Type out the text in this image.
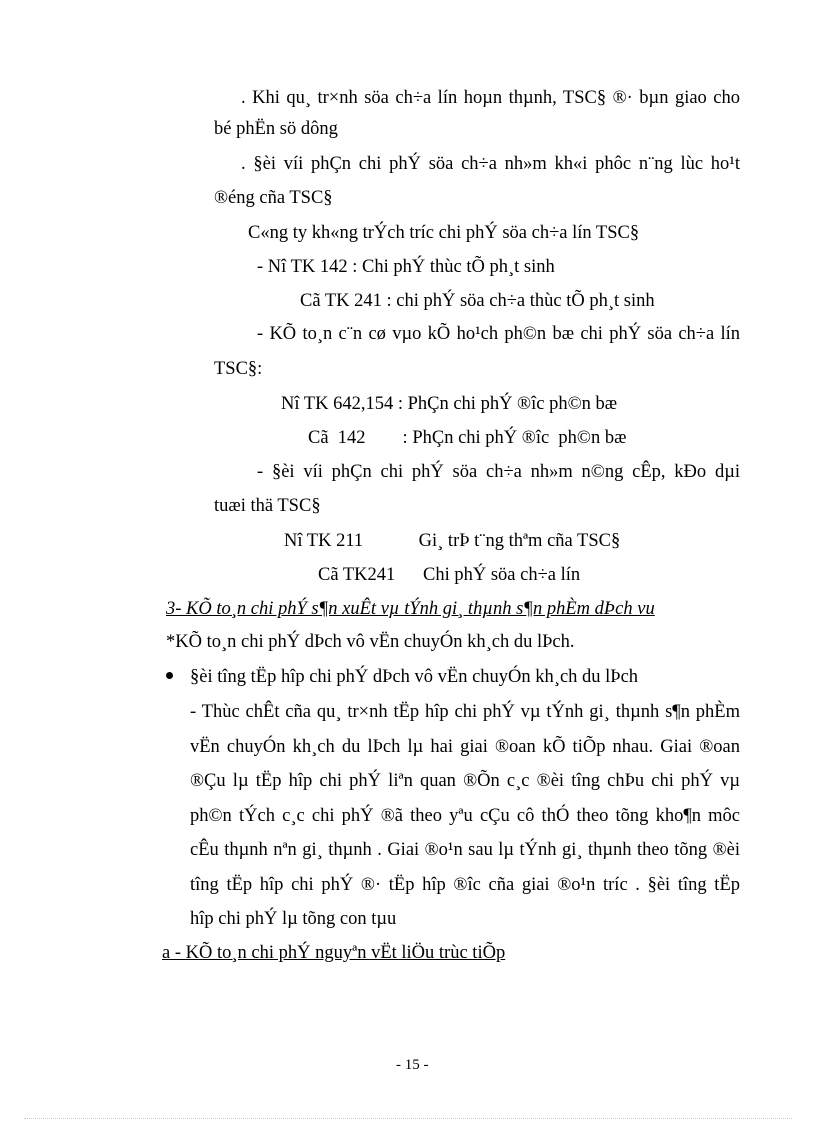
. Khi qu¸ tr×nh söa ch÷a lín hoµn thµnh, TSC§ ®· bµn giao cho
bé phËn sö dông
. §èi víi phÇn chi phÝ söa ch÷a nh»m kh«i phôc n¨ng lùc ho¹t
®éng cña TSC§
C«ng ty kh«ng trÝch tríc chi phÝ söa ch÷a lín TSC§
- Nî TK 142 : Chi phÝ thùc tÕ ph¸t sinh
Cã TK 241 : chi phÝ söa ch÷a thùc tÕ ph¸t sinh
- KÕ to¸n c¨n cø vµo kÕ ho¹ch ph©n bæ chi phÝ söa ch÷a lín
TSC§:
Nî TK 642,154 : PhÇn chi phÝ ®îc ph©n bæ
Cã  142        : PhÇn chi phÝ ®îc  ph©n bæ
- §èi víi phÇn chi phÝ söa ch÷a nh»m n©ng cÊp, kÐo dµi
tuæi thä TSC§
Nî TK 211            Gi¸ trÞ t¨ng thªm cña TSC§
Cã TK241      Chi phÝ söa ch÷a lín
3- KÕ to¸n chi phÝ s¶n xuÊt vµ tÝnh gi¸ thµnh s¶n phÈm dÞch vu
*KÕ to¸n chi phÝ dÞch vô vËn chuyÓn kh¸ch du lÞch.
§èi tîng tËp hîp chi phÝ dÞch vô vËn chuyÓn kh¸ch du lÞch
- Thùc chÊt cña qu¸ tr×nh tËp hîp chi phÝ vµ tÝnh gi¸ thµnh s¶n phÈm
vËn chuyÓn kh¸ch du lÞch lµ hai giai ®oan kÕ tiÕp nhau. Giai ®oan
®Çu lµ tËp hîp chi phÝ liªn quan ®Õn c¸c ®èi tîng chÞu chi phÝ vµ
ph©n tÝch c¸c chi phÝ ®ã theo yªu cÇu cô thÓ theo tõng kho¶n môc
cÊu thµnh nªn gi¸ thµnh . Giai ®o¹n sau lµ tÝnh gi¸ thµnh theo tõng ®èi
tîng tËp hîp chi phÝ ®· tËp hîp ®îc cña giai ®o¹n tríc . §èi tîng tËp
hîp chi phÝ lµ tõng con tµu
a - KÕ to¸n chi phÝ nguyªn vËt liÖu trùc tiÕp
- 15 -
